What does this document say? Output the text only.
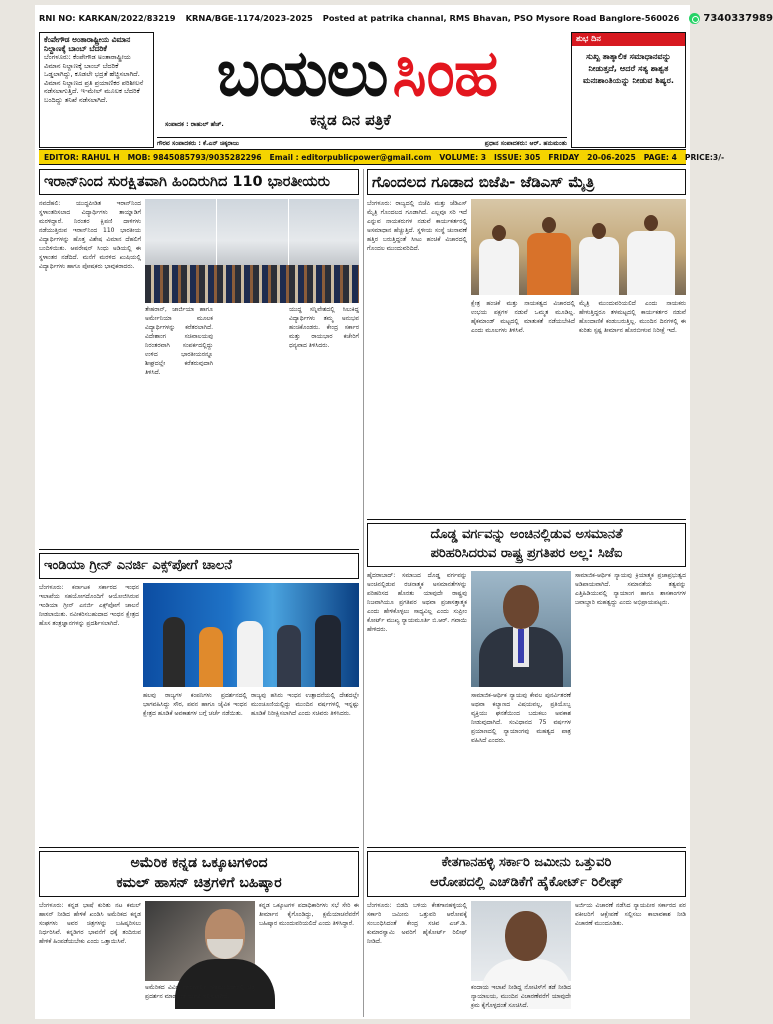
RNI NO: KARKAN/2022/83219 KRNA/BGE-1174/2023-2025 Posted at patrika channal, RMS Bhavan, PSO Mysore Road Banglore-560026 7340337989
ಕೆಂಪೇಗೌಡ ಅಂತಾರಾಷ್ಟ್ರೀಯ ವಿಮಾನ ನಿಲ್ದಾಣಕ್ಕೆ ಬಾಂಬ್ ಬೆದರಿಕೆ
ಬೆಂಗಳೂರು: ಕೆಂಪೇಗೌಡ ಅಂತಾರಾಷ್ಟ್ರೀಯ ವಿಮಾನ ನಿಲ್ದಾಣಕ್ಕೆ ಬಾಂಬ್ ಬೆದರಿಕೆ ಒಡ್ಡಲಾಗಿದ್ದು, ಕೂಡಲೇ ಭದ್ರತೆ ಹೆಚ್ಚಿಸಲಾಗಿದೆ. ವಿಮಾನ ನಿಲ್ದಾಣದ ಪ್ರತಿ ಪ್ರಯಾಣಿಕರ ಪರಿಶೀಲನೆ ನಡೆಸಲಾಗುತ್ತಿದೆ. ಇ-ಮೇಲ್ ಮೂಲಕ ಬೆದರಿಕೆ ಬಂದಿದ್ದು ತನಿಖೆ ನಡೆಸಲಾಗಿದೆ.	ಬಯಲು ಸಿಂಹ
ಸಂಪಾದಕ : ರಾಹುಲ್ ಹೆಚ್.	ಕನ್ನಡ ದಿನ ಪತ್ರಿಕೆ
ಗೌರವ ಸಂಪಾದಕರು : ಕೆ.ಎನ್ ಚಿಕ್ಕರಾಜು	ಪ್ರಧಾನ ಸಂಪಾದಕರು: ಆರ್. ಹನುಮಂತು
ಶುಭ ದಿನ
ಸುಖ್ಖ ತಾತ್ಕಾಲಿಕ ಸಮಾಧಾನವನ್ನು ನೀಡುತ್ತದೆ, ಆದರೆ ಸತ್ಯ ಶಾಶ್ವತ ಮನಃಶಾಂತಿಯನ್ನು ನೀಡುವ ಶಿಷ್ಯರ.
EDITOR: RAHUL H MOB: 9845085793/9035282296 Email : editorpublicpower@gmail.com VOLUME: 3 ISSUE: 305 FRIDAY 20-06-2025 PAGE: 4 PRICE:3/-
ಇರಾನ್‌ನಿಂದ ಸುರಕ್ಷಿತವಾಗಿ ಹಿಂದಿರುಗಿದ 110 ಭಾರತೀಯರು
ನವದೆಹಲಿ: ಯುದ್ಧಪೀಡಿತ ಇರಾನ್‌ನಿಂದ ಸ್ಥಳಾಂತರಿಸಲಾದ ವಿದ್ಯಾರ್ಥಿಗಳು ತಾಯ್ನಾಡಿಗೆ ಮರಳಿದ್ದಾರೆ. ನಿರಂತರ ಕ್ಷಿಪಣಿ ದಾಳಿಗಳು ನಡೆಯುತ್ತಿರುವ ಇರಾನ್‌ನಿಂದ 110 ಭಾರತೀಯ ವಿದ್ಯಾರ್ಥಿಗಳನ್ನು ಹೊತ್ತ ವಿಶೇಷ ವಿಮಾನ ದೆಹಲಿಗೆ ಬಂದಿಳಿಯಿತು. ಆಪರೇಷನ್ ಸಿಂಧು ಅಡಿಯಲ್ಲಿ ಈ ಸ್ಥಳಾಂತರ ನಡೆದಿದೆ. ಮನೆಗೆ ಮರಳಿದ ಖುಷಿಯಲ್ಲಿ ವಿದ್ಯಾರ್ಥಿಗಳು ಹಾಗೂ ಪೋಷಕರು ಭಾವುಕರಾದರು.
ತೇಹರಾನ್, ಜಾರ್ಜಿಯಾ ಹಾಗೂ ಅರ್ಮೇನಿಯಾ ಮೂಲಕ ವಿದ್ಯಾರ್ಥಿಗಳನ್ನು ಕರೆತರಲಾಗಿದೆ. ವಿದೇಶಾಂಗ ಸಚಿವಾಲಯವು ನಿರಂತರವಾಗಿ ಸಂಪರ್ಕದಲ್ಲಿದ್ದು ಉಳಿದ ಭಾರತೀಯರನ್ನೂ ಶೀಘ್ರದಲ್ಲೇ ಕರೆತರುವುದಾಗಿ ತಿಳಿಸಿದೆ.
ಯುದ್ಧ ಸನ್ನಿವೇಶದಲ್ಲಿ ಸಿಲುಕಿದ್ದ ವಿದ್ಯಾರ್ಥಿಗಳು ತಮ್ಮ ಅನುಭವ ಹಂಚಿಕೊಂಡರು. ಕೇಂದ್ರ ಸರ್ಕಾರ ಮತ್ತು ರಾಯಭಾರ ಕಚೇರಿಗೆ ಧನ್ಯವಾದ ತಿಳಿಸಿದರು.
ಗೊಂದಲದ ಗೂಡಾದ ಬಿಜೆಪಿ- ಜೆಡಿಎಸ್ ಮೈತ್ರಿ
ಬೆಂಗಳೂರು: ರಾಜ್ಯದಲ್ಲಿ ಬಿಜೆಪಿ ಮತ್ತು ಜೆಡಿಎಸ್ ಮೈತ್ರಿ ಗೊಂದಲದ ಗೂಡಾಗಿದೆ. ಎಲ್ಲವೂ ಸರಿ ಇದೆ ಎನ್ನುವ ನಾಯಕರುಗಳ ನಡುವೆ ಕಾರ್ಯಕರ್ತರಲ್ಲಿ ಅಸಮಾಧಾನ ಹೆಚ್ಚುತ್ತಿದೆ. ಸ್ಥಳೀಯ ಸಂಸ್ಥೆ ಚುನಾವಣೆ ಹತ್ತಿರ ಬರುತ್ತಿದ್ದಂತೆ ಸೀಟು ಹಂಚಿಕೆ ವಿಚಾರದಲ್ಲಿ ಗೊಂದಲ ಮುಂದುವರಿದಿದೆ.
ಕ್ಷೇತ್ರ ಹಂಚಿಕೆ ಮತ್ತು ನಾಯಕತ್ವದ ವಿಚಾರದಲ್ಲಿ ಉಭಯ ಪಕ್ಷಗಳ ನಡುವೆ ಒಮ್ಮತ ಮೂಡಿಲ್ಲ. ಹೈಕಮಾಂಡ್ ಮಟ್ಟದಲ್ಲಿ ಮಾತುಕತೆ ನಡೆಯಬೇಕಿದೆ ಎಂದು ಮೂಲಗಳು ತಿಳಿಸಿವೆ.
ಮೈತ್ರಿ ಮುಂದುವರಿಯಲಿದೆ ಎಂದು ನಾಯಕರು ಹೇಳುತ್ತಿದ್ದರೂ ತಳಮಟ್ಟದಲ್ಲಿ ಕಾರ್ಯಕರ್ತರ ನಡುವೆ ಹೊಂದಾಣಿಕೆ ಕಂಡುಬರುತ್ತಿಲ್ಲ. ಮುಂದಿನ ದಿನಗಳಲ್ಲಿ ಈ ಕುರಿತು ಸ್ಪಷ್ಟ ತೀರ್ಮಾನ ಹೊರಬೀಳುವ ನಿರೀಕ್ಷೆ ಇದೆ.
ಇಂಡಿಯಾ ಗ್ರೀನ್ ಎನರ್ಜಿ ಎಕ್ಸ್‌ಪೋಗೆ ಚಾಲನೆ
ಬೆಂಗಳೂರು: ಕರ್ನಾಟಕ ಸರ್ಕಾರದ ಇಂಧನ ಇಲಾಖೆಯ ಸಹಯೋಗದೊಂದಿಗೆ ಆಯೋಜಿಸಿರುವ ಇಂಡಿಯಾ ಗ್ರೀನ್ ಎನರ್ಜಿ ಎಕ್ಸ್‌ಪೋಗೆ ಚಾಲನೆ ನೀಡಲಾಯಿತು. ನವೀಕರಿಸಬಹುದಾದ ಇಂಧನ ಕ್ಷೇತ್ರದ ಹೊಸ ತಂತ್ರಜ್ಞಾನಗಳನ್ನು ಪ್ರದರ್ಶಿಸಲಾಗಿದೆ.
ಹಲವು ರಾಜ್ಯಗಳ ಕಂಪನಿಗಳು ಪ್ರದರ್ಶನದಲ್ಲಿ ಭಾಗವಹಿಸಿದ್ದು ಸೌರ, ಪವನ ಹಾಗೂ ಜೈವಿಕ ಇಂಧನ ಕ್ಷೇತ್ರದ ಹೂಡಿಕೆ ಅವಕಾಶಗಳ ಬಗ್ಗೆ ಚರ್ಚೆ ನಡೆಯಿತು.
ರಾಜ್ಯವು ಹಸಿರು ಇಂಧನ ಉತ್ಪಾದನೆಯಲ್ಲಿ ದೇಶದಲ್ಲೇ ಮುಂಚೂಣಿಯಲ್ಲಿದ್ದು ಮುಂದಿನ ವರ್ಷಗಳಲ್ಲಿ ಇನ್ನಷ್ಟು ಹೂಡಿಕೆ ನಿರೀಕ್ಷಿಸಲಾಗಿದೆ ಎಂದು ಸಚಿವರು ತಿಳಿಸಿದರು.
ದೊಡ್ಡ ವರ್ಗವನ್ನು ಅಂಚಿನಲ್ಲಿಡುವ ಅಸಮಾನತೆ
ಪರಿಹರಿಸಿದರುವ ರಾಷ್ಟ್ರ ಪ್ರಗತಿಪರ ಅಲ್ಲ: ಸಿಜೆಐ
ಹೈದರಾಬಾದ್: ಸಮಾಜದ ದೊಡ್ಡ ವರ್ಗವನ್ನು ಅಂಚಿನಲ್ಲಿಡುವ ರಚನಾತ್ಮಕ ಅಸಮಾನತೆಗಳನ್ನು ಪರಿಹರಿಸದ ಹೊರತು ಯಾವುದೇ ರಾಷ್ಟ್ರವು ನಿಜವಾಗಿಯೂ ಪ್ರಗತಿಪರ ಅಥವಾ ಪ್ರಜಾಸತ್ತಾತ್ಮಕ ಎಂದು ಹೇಳಿಕೊಳ್ಳಲು ಸಾಧ್ಯವಿಲ್ಲ ಎಂದು ಸುಪ್ರೀಂ ಕೋರ್ಟ್ ಮುಖ್ಯ ನ್ಯಾಯಮೂರ್ತಿ ಬಿ.ಆರ್. ಗವಾಯಿ ಹೇಳಿದರು.
ಸಾಮಾಜಿಕ-ಆರ್ಥಿಕ ನ್ಯಾಯವು ಕೇವಲ ಪುನರ್ವಿತರಣೆ ಅಥವಾ ಕಲ್ಯಾಣದ ವಿಷಯವಲ್ಲ, ಪ್ರತಿಯೊಬ್ಬ ವ್ಯಕ್ತಿಯು ಘನತೆಯಿಂದ ಬದುಕಲು ಅವಕಾಶ ನೀಡುವುದಾಗಿದೆ. ಸಂವಿಧಾನದ 75 ವರ್ಷಗಳ ಪ್ರಯಾಣದಲ್ಲಿ ನ್ಯಾಯಾಂಗವು ಮಹತ್ವದ ಪಾತ್ರ ವಹಿಸಿದೆ ಎಂದರು.
ಸಾಮಾಜಿಕ-ಆರ್ಥಿಕ ನ್ಯಾಯವು ಕ್ರಿಯಾತ್ಮಕ ಪ್ರಜಾಪ್ರಭುತ್ವದ ಅಡಿಪಾಯವಾಗಿದೆ. ಸಮಾನತೆಯ ತತ್ವವನ್ನು ಎತ್ತಿಹಿಡಿಯುವಲ್ಲಿ ನ್ಯಾಯಾಂಗ ಹಾಗೂ ಶಾಸಕಾಂಗಗಳ ಜವಾಬ್ದಾರಿ ಮಹತ್ವದ್ದು ಎಂದು ಅಭಿಪ್ರಾಯಪಟ್ಟರು.
ಅಮೆರಿಕ ಕನ್ನಡ ಒಕ್ಕೂಟಗಳಿಂದ
ಕಮಲ್ ಹಾಸನ್ ಚಿತ್ರಗಳಿಗೆ ಬಹಿಷ್ಕಾರ
ಬೆಂಗಳೂರು: ಕನ್ನಡ ಭಾಷೆ ಕುರಿತು ನಟ ಕಮಲ್ ಹಾಸನ್ ನೀಡಿದ ಹೇಳಿಕೆ ಖಂಡಿಸಿ ಅಮೆರಿಕದ ಕನ್ನಡ ಸಂಘಗಳು ಅವರ ಚಿತ್ರಗಳನ್ನು ಬಹಿಷ್ಕರಿಸಲು ನಿರ್ಧರಿಸಿವೆ. ಕನ್ನಡಿಗರ ಭಾವನೆಗೆ ಧಕ್ಕೆ ತಂದಿರುವ ಹೇಳಿಕೆ ಹಿಂಪಡೆಯಬೇಕು ಎಂದು ಒತ್ತಾಯಿಸಿವೆ.
ಅಮೆರಿಕದ ವಿವಿಧ ನಗರಗಳಲ್ಲಿನ ಚಿತ್ರಮಂದಿರಗಳಲ್ಲಿ ಚಿತ್ರ ಪ್ರದರ್ಶನ ಮಾಡದಂತೆ ಮನವಿ ಸಲ್ಲಿಸಲಾಗಿದೆ.
ಕನ್ನಡ ಒಕ್ಕೂಟಗಳ ಪದಾಧಿಕಾರಿಗಳು ಸಭೆ ಸೇರಿ ಈ ತೀರ್ಮಾನ ಕೈಗೊಂಡಿದ್ದು, ಕ್ಷಮೆಯಾಚನೆವರೆಗೆ ಬಹಿಷ್ಕಾರ ಮುಂದುವರಿಯಲಿದೆ ಎಂದು ತಿಳಿಸಿದ್ದಾರೆ.
ಕೇತಗಾನಹಳ್ಳಿ ಸರ್ಕಾರಿ ಜಮೀನು ಒತ್ತುವರಿ
ಆರೋಪದಲ್ಲಿ ಎಚ್‌ಡಿಕೆಗೆ ಹೈಕೋರ್ಟ್ ರಿಲೀಫ್
ಬೆಂಗಳೂರು: ಬಿಡದಿ ಬಳಿಯ ಕೇತಗಾನಹಳ್ಳಿಯಲ್ಲಿ ಸರ್ಕಾರಿ ಜಮೀನು ಒತ್ತುವರಿ ಆರೋಪಕ್ಕೆ ಸಂಬಂಧಿಸಿದಂತೆ ಕೇಂದ್ರ ಸಚಿವ ಎಚ್.ಡಿ. ಕುಮಾರಸ್ವಾಮಿ ಅವರಿಗೆ ಹೈಕೋರ್ಟ್ ರಿಲೀಫ್ ನೀಡಿದೆ.
ಕಂದಾಯ ಇಲಾಖೆ ನೀಡಿದ್ದ ನೋಟಿಸ್‌ಗೆ ತಡೆ ನೀಡಿದ ನ್ಯಾಯಾಲಯ, ಮುಂದಿನ ವಿಚಾರಣೆವರೆಗೆ ಯಾವುದೇ ಕ್ರಮ ಕೈಗೊಳ್ಳದಂತೆ ಸೂಚಿಸಿದೆ.
ಅರ್ಜಿಯ ವಿಚಾರಣೆ ನಡೆಸಿದ ನ್ಯಾಯಪೀಠ ಸರ್ಕಾರದ ಪರ ವಕೀಲರಿಗೆ ಆಕ್ಷೇಪಣೆ ಸಲ್ಲಿಸಲು ಕಾಲಾವಕಾಶ ನೀಡಿ ವಿಚಾರಣೆ ಮುಂದೂಡಿತು.
